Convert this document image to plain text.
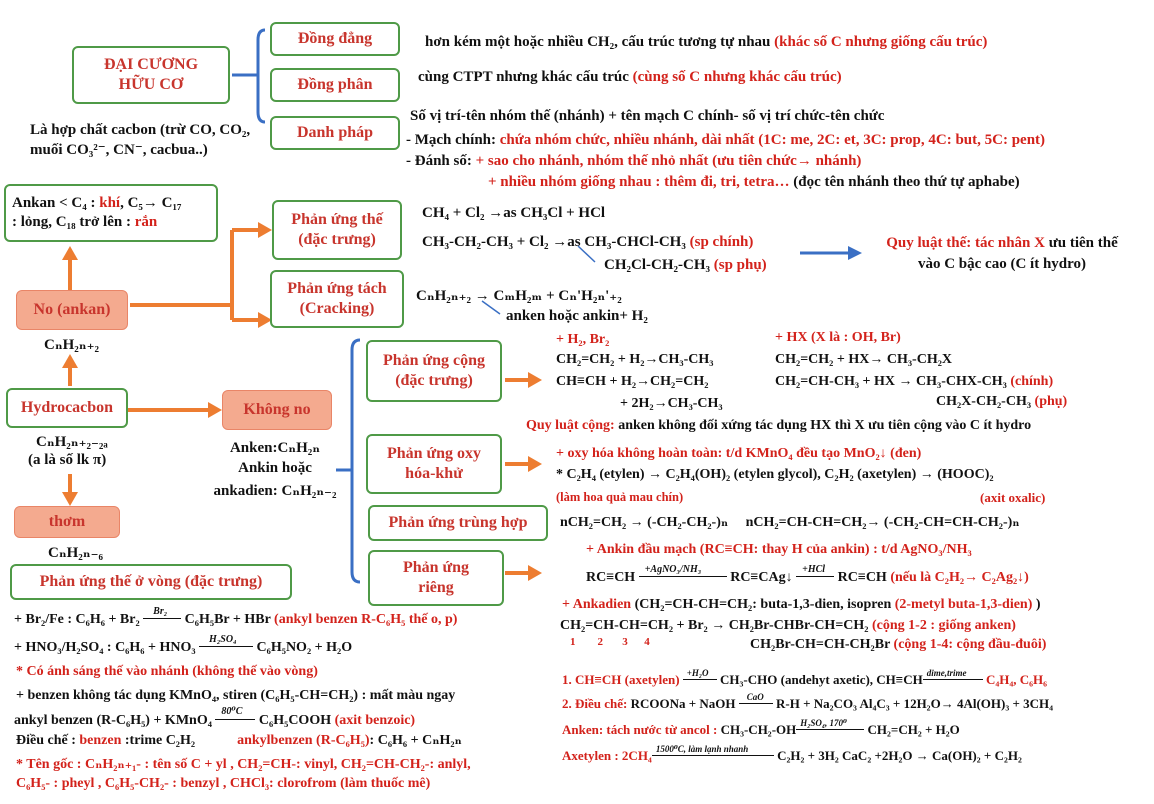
ĐẠI CƯƠNG
HỮU CƠ
Là hợp chất cacbon (trừ CO, CO₂, muối CO₃²⁻, CN⁻, cacbua..)
Đồng đẳng
Đồng phân
Danh pháp
hơn kém một hoặc nhiều CH₂, cấu trúc tương tự nhau (khác số C nhưng giống cấu trúc)
cùng CTPT nhưng khác cấu trúc (cùng số C nhưng khác cấu trúc)
Số vị trí-tên nhóm thế (nhánh) + tên mạch C chính- số vị trí chức-tên chức
- Mạch chính: chứa nhóm chức, nhiều nhánh, dài nhất (1C: me, 2C: et, 3C: prop, 4C: but, 5C: pent)
- Đánh số: + sao cho nhánh, nhóm thế nhỏ nhất (ưu tiên chức→ nhánh)
+ nhiều nhóm giống nhau : thêm đi, tri, tetra… (đọc tên nhánh theo thứ tự aphabe)
Ankan < C₄ : khí, C₅→ C₁₇
: lỏng, C₁₈ trở lên : rắn
No (ankan)
CₙH₂ₙ₊₂
Hydrocacbon
CₙH₂ₙ₊₂₋₂ₐ
(a là số lk π)
thơm
CₙH₂ₙ₋₆
Không no
Anken:CₙH₂ₙ
Ankin hoặc
ankadien: CₙH₂ₙ₋₂
Phản ứng thế
(đặc trưng)
CH₄ + Cl₂ →as CH₃Cl + HCl
CH₃-CH₂-CH₃ + Cl₂ →as CH₃-CHCl-CH₃ (sp chính)
CH₂Cl-CH₂-CH₃ (sp phụ)
Quy luật thế: tác nhân X ưu tiên thế
vào C bậc cao (C ít hydro)
Phản ứng tách
(Cracking)
CₙH₂ₙ₊₂ → CₘH₂ₘ + Cₙ'H₂ₙ'₊₂
anken hoặc ankin+ H₂
Phản ứng cộng
(đặc trưng)
+ H₂, Br₂
CH₂=CH₂ + H₂→CH₃-CH₃
CH≡CH + H₂→CH₂=CH₂
+ 2H₂→CH₃-CH₃
+ HX (X là : OH, Br)
CH₂=CH₂ + HX→ CH₃-CH₂X
CH₂=CH-CH₃ + HX → CH₃-CHX-CH₃ (chính)
CH₂X-CH₂-CH₃ (phụ)
Quy luật cộng: anken không đối xứng tác dụng HX thì X ưu tiên cộng vào C ít hydro
Phản ứng oxy
hóa-khử
+ oxy hóa không hoàn toàn: t/d KMnO₄ đều tạo MnO₂↓ (đen)
* C₂H₄ (etylen) → C₂H₄(OH)₂ (etylen glycol), C₂H₂ (axetylen) → (HOOC)₂
(làm hoa quả mau chín)	(axit oxalic)
Phản ứng trùng hợp	nCH₂=CH₂ → (-CH₂-CH₂-)ₙ     nCH₂=CH-CH=CH₂→ (-CH₂-CH=CH-CH₂-)ₙ
Phản ứng
riêng
+ Ankin đầu mạch (RC≡CH: thay H của ankin) : t/d AgNO₃/NH₃
RC≡CH
+AgNO₃/NH₃
RC≡CAg↓
+HCl
RC≡CH (nếu là C₂H₂→ C₂Ag₂↓)
+ Ankadien (CH₂=CH-CH=CH₂: buta-1,3-dien, isopren (2-metyl buta-1,3-dien) )
CH₂=CH-CH=CH₂ + Br₂ → CH₂Br-CHBr-CH=CH₂ (cộng 1-2 : giống anken)
1        2       3      4	CH₂Br-CH=CH-CH₂Br (cộng 1-4: cộng đầu-đuôi)
1. CH≡CH (axetylen) +H₂O CH₃-CHO (andehyt axetic), CH≡CH dime,trime C₄H₄, C₆H₆
2. Điều chế: RCOONa + NaOH CaO R-H + Na₂CO₃ Al₄C₃ + 12H₂O→ 4Al(OH)₃ + 3CH₄
Anken: tách nước từ ancol : CH₃-CH₂-OH H₂SO₄, 170⁰ CH₂=CH₂ + H₂O
Axetylen : 2CH₄ 1500⁰C, làm lạnh nhanh C₂H₂ + 3H₂ CaC₂ +2H₂O → Ca(OH)₂ + C₂H₂
Phản ứng thế ở vòng (đặc trưng)
+ Br₂/Fe : C₆H₆ + Br₂
Br₂
C₆H₅Br + HBr (ankyl benzen R-C₆H₅ thế o, p)
+ HNO₃/H₂SO₄ : C₆H₆ + HNO₃
H₂SO₄
C₆H₅NO₂ + H₂O
* Có ánh sáng thế vào nhánh (không thế vào vòng)
+ benzen không tác dụng KMnO₄, stiren (C₆H₅-CH=CH₂) : mất màu ngay
ankyl benzen (R-C₆H₅) + KMnO₄
80⁰C
C₆H₅COOH (axit benzoic)
Điều chế : benzen :trime C₂H₂	ankylbenzen (R-C₆H₅): C₆H₆ + CₙH₂ₙ
* Tên gốc : CₙH₂ₙ₊₁- : tên số C + yl , CH₂=CH-: vinyl, CH₂=CH-CH₂-: anlyl,
C₆H₅- : pheyl , C₆H₅-CH₂- : benzyl , CHCl₃: clorofrom (làm thuốc mê)
